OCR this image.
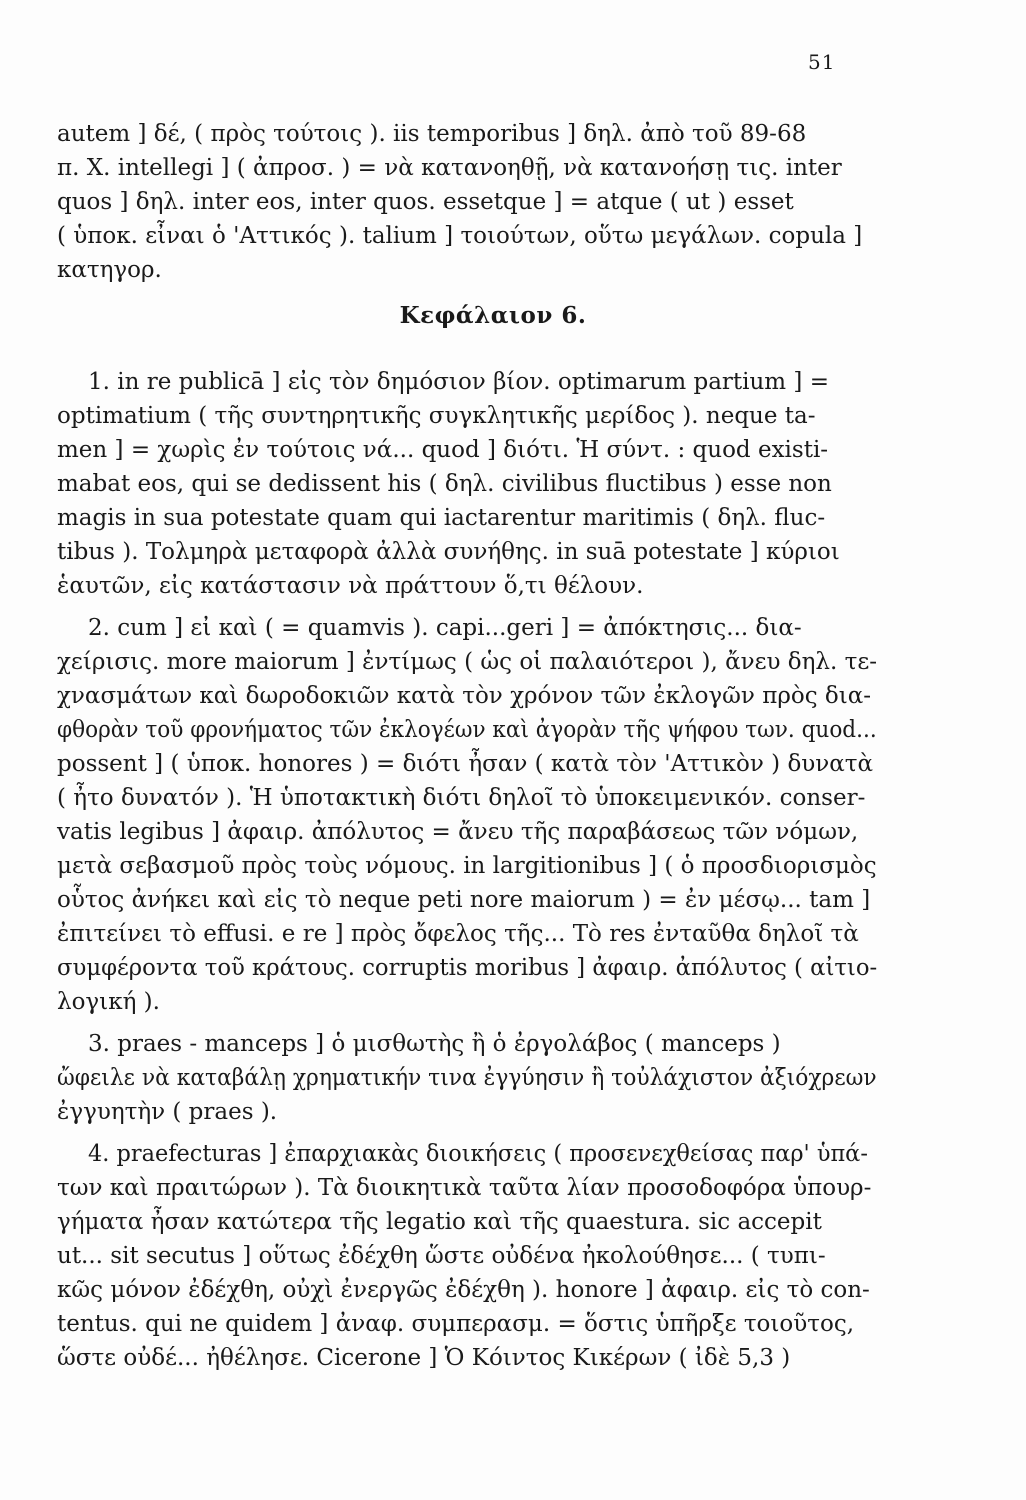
51
autem ] δέ, ( πρὸς τούτοις ). iis temporibus ] δηλ. ἀπὸ τοῦ 89-68
π. Χ. intellegi ] ( ἀπροσ. ) = νὰ κατανοηθῇ, νὰ κατανοήσῃ τις. inter
quos ] δηλ. inter eos, inter quos. essetque ] = atque ( ut ) esset
( ὑποκ. εἶναι ὁ 'Αττικός ). talium ] τοιούτων, οὕτω μεγάλων. copula ]
κατηγορ.
Κεφάλαιον 6.
1. in re publicā ] εἰς τὸν δημόσιον βίον. optimarum partium ] =
optimatium ( τῆς συντηρητικῆς συγκλητικῆς μερίδος ). neque ta-
men ] = χωρὶς ἐν τούτοις νά... quod ] διότι. Ἡ σύντ. : quod existi-
mabat eos, qui se dedissent his ( δηλ. civilibus fluctibus ) esse non
magis in sua potestate quam qui iactarentur maritimis ( δηλ. fluc-
tibus ). Τολμηρὰ μεταφορὰ ἀλλὰ συνήθης. in suā potestate ] κύριοι
ἑαυτῶν, εἰς κατάστασιν νὰ πράττουν ὅ,τι θέλουν.
2. cum ] εἰ καὶ ( = quamvis ). capi...geri ] = ἀπόκτησις... δια-
χείρισις. more maiorum ] ἐντίμως ( ὡς οἱ παλαιότεροι ), ἄνευ δηλ. τε-
χνασμάτων καὶ δωροδοκιῶν κατὰ τὸν χρόνον τῶν ἐκλογῶν πρὸς δια-
φθορὰν τοῦ φρονήματος τῶν ἐκλογέων καὶ ἀγορὰν τῆς ψήφου των. quod...
possent ] ( ὑποκ. honores ) = διότι ἦσαν ( κατὰ τὸν 'Αττικὸν ) δυνατὰ
( ἦτο δυνατόν ). Ἡ ὑποτακτικὴ διότι δηλοῖ τὸ ὑποκειμενικόν. conser-
vatis legibus ] ἀφαιρ. ἀπόλυτος = ἄνευ τῆς παραβάσεως τῶν νόμων,
μετὰ σεβασμοῦ πρὸς τοὺς νόμους. in largitionibus ] ( ὁ προσδιορισμὸς
οὗτος ἀνήκει καὶ εἰς τὸ neque peti nore maiorum ) = ἐν μέσῳ... tam ]
ἐπιτείνει τὸ effusi. e re ] πρὸς ὄφελος τῆς... Τὸ res ἐνταῦθα δηλοῖ τὰ
συμφέροντα τοῦ κράτους. corruptis moribus ] ἀφαιρ. ἀπόλυτος ( αἰτιο-
λογική ).
3. praes - manceps ] ὁ μισθωτὴς ἢ ὁ ἐργολάβος ( manceps )
ὤφειλε νὰ καταβάλῃ χρηματικήν τινα ἐγγύησιν ἢ τοὐλάχιστον ἀξιόχρεων
ἐγγυητὴν ( praes ).
4. praefecturas ] ἐπαρχιακὰς διοικήσεις ( προσενεχθείσας παρ' ὑπά-
των καὶ πραιτώρων ). Τὰ διοικητικὰ ταῦτα λίαν προσοδοφόρα ὑπουρ-
γήματα ἦσαν κατώτερα τῆς legatio καὶ τῆς quaestura. sic accepit
ut... sit secutus ] οὕτως ἐδέχθη ὥστε οὐδένα ἠκολούθησε... ( τυπι-
κῶς μόνον ἐδέχθη, οὐχὶ ἐνεργῶς ἐδέχθη ). honore ] ἀφαιρ. εἰς τὸ con-
tentus. qui ne quidem ] ἀναφ. συμπερασμ. = ὅστις ὑπῆρξε τοιοῦτος,
ὥστε οὐδέ... ἠθέλησε. Cicerone ] Ὁ Κόιντος Κικέρων ( ἰδὲ 5,3 )
